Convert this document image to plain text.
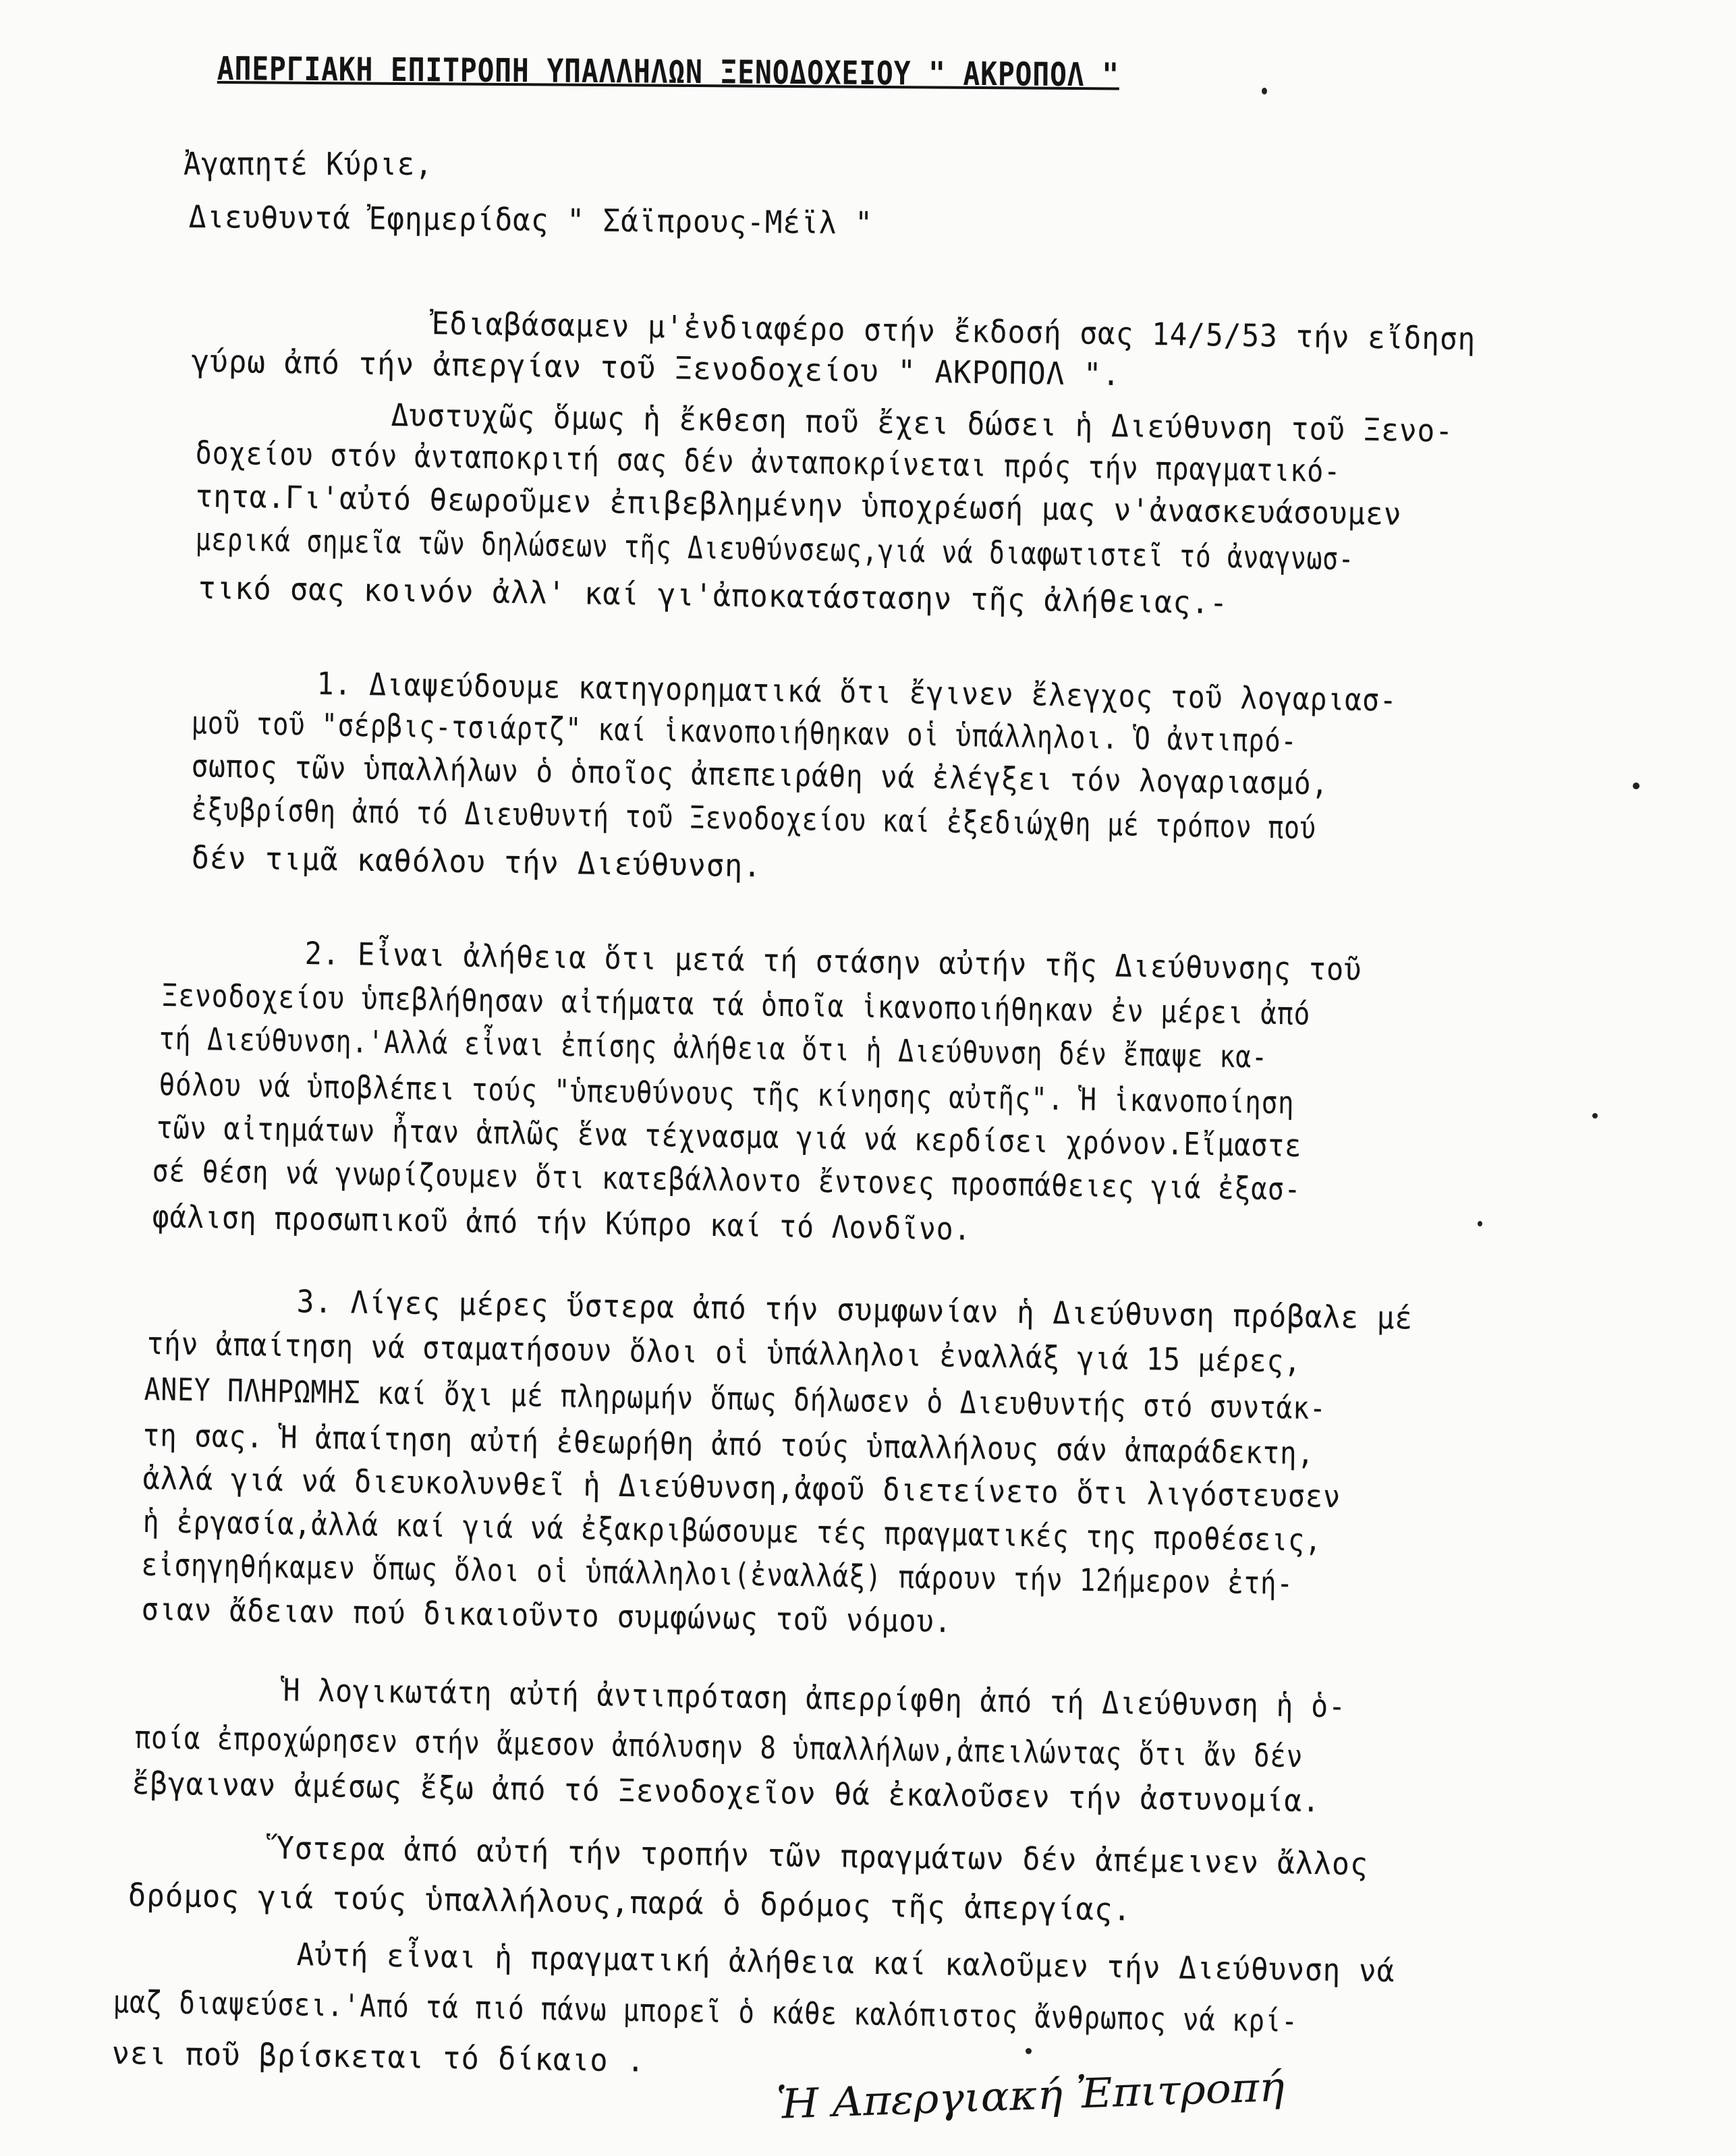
ΑΠΕΡΓΙΑΚΗ ΕΠΙΤΡΟΠΗ ΥΠΑΛΛΗΛΩΝ ΞΕΝΟΔΟΧΕΙΟΥ " ΑΚΡΟΠΟΛ "
Ἀγαπητέ Κύριε,
Διευθυντά Ἐφημερίδας " Σάϊπρους-Μέϊλ "
Ἐδιαβάσαμεν μ'ἐνδιαφέρο στήν ἔκδοσή σας 14/5/53 τήν εἴδηση
γύρω ἀπό τήν ἀπεργίαν τοῦ Ξενοδοχείου " ΑΚΡΟΠΟΛ ".
Δυστυχῶς ὅμως ἡ ἔκθεση ποῦ ἔχει δώσει ἡ Διεύθυνση τοῦ Ξενο-
δοχείου στόν ἀνταποκριτή σας δέν ἀνταποκρίνεται πρός τήν πραγματικό-
τητα.Γι'αὐτό θεωροῦμεν ἐπιβεβλημένην ὑποχρέωσή μας ν'ἀνασκευάσουμεν
μερικά σημεῖα τῶν δηλώσεων τῆς Διευθύνσεως,γιά νά διαφωτιστεῖ τό ἀναγνωσ-
τικό σας κοινόν ἀλλ' καί γι'ἀποκατάστασην τῆς ἀλήθειας.-
1. Διαψεύδουμε κατηγορηματικά ὅτι ἔγινεν ἔλεγχος τοῦ λογαριασ-
μοῦ τοῦ "σέρβις-τσιάρτζ" καί ἱκανοποιήθηκαν οἱ ὑπάλληλοι. Ὁ ἀντιπρό-
σωπος τῶν ὑπαλλήλων ὁ ὁποῖος ἀπεπειράθη νά ἐλέγξει τόν λογαριασμό,
ἐξυβρίσθη ἀπό τό Διευθυντή τοῦ Ξενοδοχείου καί ἐξεδιώχθη μέ τρόπον πού
δέν τιμᾶ καθόλου τήν Διεύθυνση.
2. Εἶναι ἀλήθεια ὅτι μετά τή στάσην αὐτήν τῆς Διεύθυνσης τοῦ
Ξενοδοχείου ὑπεβλήθησαν αἰτήματα τά ὁποῖα ἱκανοποιήθηκαν ἐν μέρει ἀπό
τή Διεύθυνση.'Αλλά εἶναι ἐπίσης ἀλήθεια ὅτι ἡ Διεύθυνση δέν ἔπαψε κα-
θόλου νά ὑποβλέπει τούς "ὑπευθύνους τῆς κίνησης αὐτῆς". Ἡ ἱκανοποίηση
τῶν αἰτημάτων ἦταν ἁπλῶς ἕνα τέχνασμα γιά νά κερδίσει χρόνον.Εἴμαστε
σέ θέση νά γνωρίζουμεν ὅτι κατεβάλλοντο ἔντονες προσπάθειες γιά ἐξασ-
φάλιση προσωπικοῦ ἀπό τήν Κύπρο καί τό Λονδῖνο.
3. Λίγες μέρες ὕστερα ἀπό τήν συμφωνίαν ἡ Διεύθυνση πρόβαλε μέ
τήν ἀπαίτηση νά σταματήσουν ὅλοι οἱ ὑπάλληλοι ἐναλλάξ γιά 15 μέρες,
ΑΝΕΥ ΠΛΗΡΩΜΗΣ καί ὄχι μέ πληρωμήν ὅπως δήλωσεν ὁ Διευθυντής στό συντάκ-
τη σας. Ἡ ἀπαίτηση αὐτή ἐθεωρήθη ἀπό τούς ὑπαλλήλους σάν ἀπαράδεκτη,
ἀλλά γιά νά διευκολυνθεῖ ἡ Διεύθυνση,ἀφοῦ διετείνετο ὅτι λιγόστευσεν
ἡ ἐργασία,ἀλλά καί γιά νά ἐξακριβώσουμε τές πραγματικές της προθέσεις,
εἰσηγηθήκαμεν ὅπως ὅλοι οἱ ὑπάλληλοι(ἐναλλάξ) πάρουν τήν 12ήμερον ἐτή-
σιαν ἄδειαν πού δικαιοῦντο συμφώνως τοῦ νόμου.
Ἡ λογικωτάτη αὐτή ἀντιπρόταση ἀπερρίφθη ἀπό τή Διεύθυνση ἡ ὁ-
ποία ἐπροχώρησεν στήν ἄμεσον ἀπόλυσην 8 ὑπαλλήλων,ἀπειλώντας ὅτι ἄν δέν
ἔβγαιναν ἀμέσως ἔξω ἀπό τό Ξενοδοχεῖον θά ἐκαλοῦσεν τήν ἀστυνομία.
Ὕστερα ἀπό αὐτή τήν τροπήν τῶν πραγμάτων δέν ἀπέμεινεν ἄλλος
δρόμος γιά τούς ὑπαλλήλους,παρά ὁ δρόμος τῆς ἀπεργίας.
Αὐτή εἶναι ἡ πραγματική ἀλήθεια καί καλοῦμεν τήν Διεύθυνση νά
μαζ διαψεύσει.'Από τά πιό πάνω μπορεῖ ὁ κάθε καλόπιστος ἄνθρωπος νά κρί-
νει ποῦ βρίσκεται τό δίκαιο .
Ἡ Απεργιακή Ἐπιτροπή
